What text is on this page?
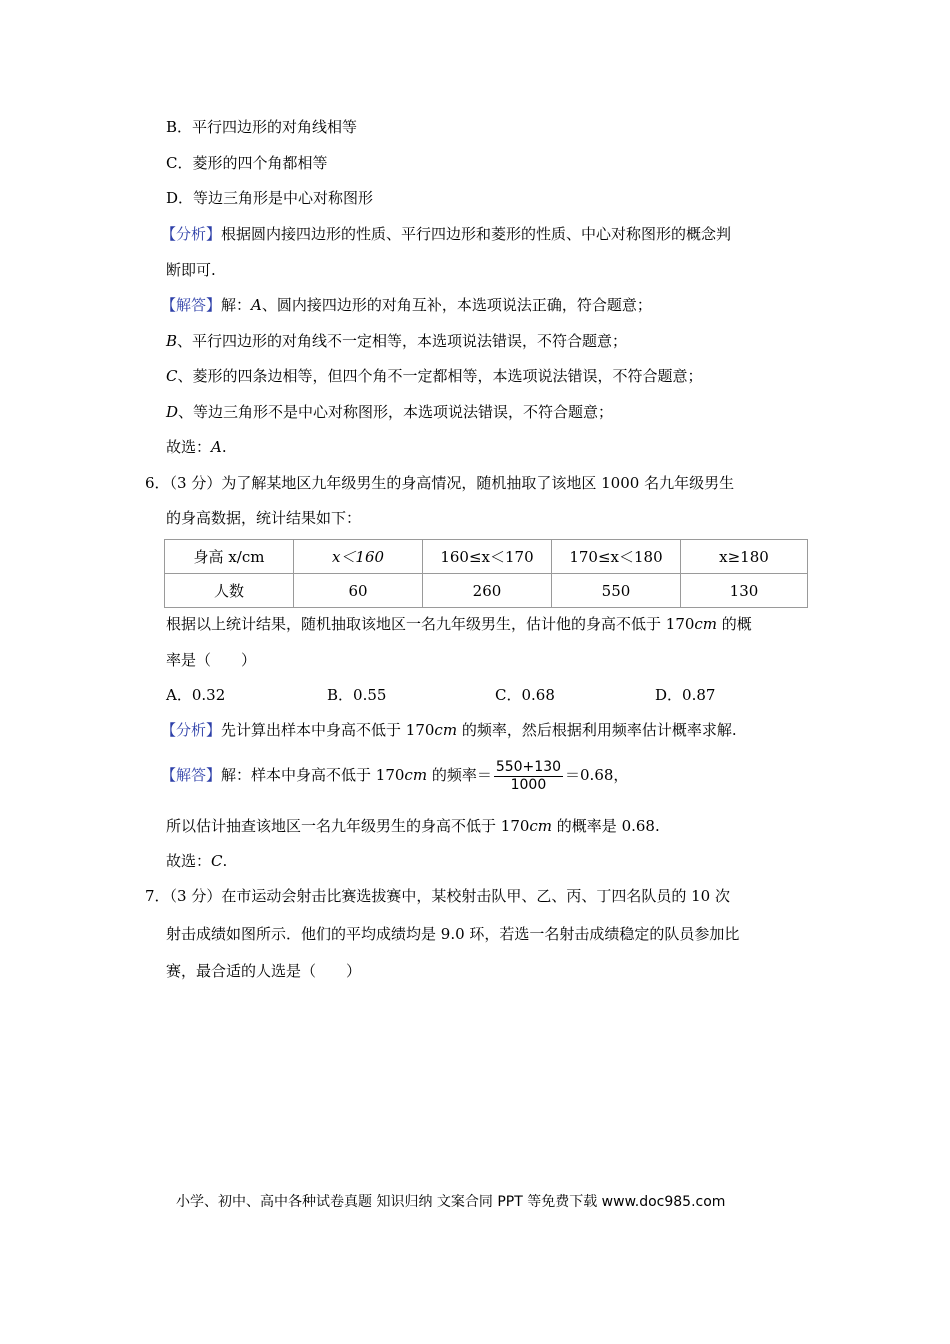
B．平行四边形的对角线相等
C．菱形的四个角都相等
D．等边三角形是中心对称图形
【分析】根据圆内接四边形的性质、平行四边形和菱形的性质、中心对称图形的概念判
断即可.
【解答】解：A、圆内接四边形的对角互补，本选项说法正确，符合题意；
B、平行四边形的对角线不一定相等，本选项说法错误，不符合题意；
C、菱形的四条边相等，但四个角不一定都相等，本选项说法错误，不符合题意；
D、等边三角形不是中心对称图形，本选项说法错误，不符合题意；
故选：A.
6．（3 分）为了解某地区九年级男生的身高情况，随机抽取了该地区 1000 名九年级男生
的身高数据，统计结果如下：
身高 x/cm	x＜160	160≤x＜170	170≤x＜180	x≥180
人数	60	260	550	130
根据以上统计结果，随机抽取该地区一名九年级男生，估计他的身高不低于 170cm 的概
率是（　　）
A．0.32	B．0.55	C．0.68	D．0.87
【分析】先计算出样本中身高不低于 170cm 的频率，然后根据利用频率估计概率求解.
【解答】解：样本中身高不低于 170cm 的频率＝ $\frac{550+130}{1000} =0.68$，
所以估计抽查该地区一名九年级男生的身高不低于 170cm 的概率是 0.68.
故选：C.
7．（3 分）在市运动会射击比赛选拔赛中，某校射击队甲、乙、丙、丁四名队员的 10 次
射击成绩如图所示．他们的平均成绩均是 9.0 环，若选一名射击成绩稳定的队员参加比
赛，最合适的人选是（　　）
小学、初中、高中各种试卷真题 知识归纳 文案合同 PPT 等免费下载 www.doc985.com
